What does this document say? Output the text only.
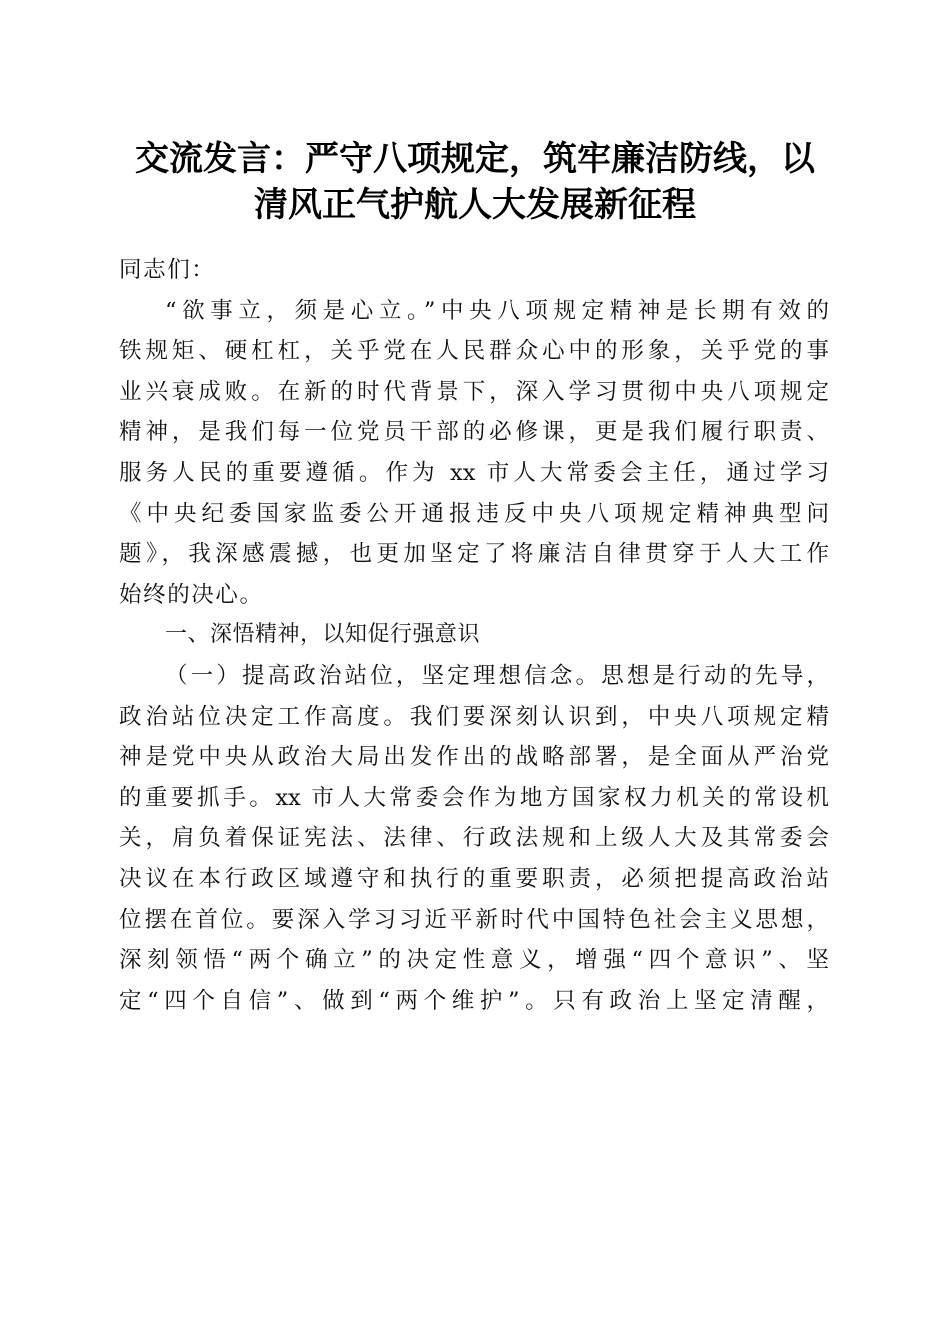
交流发言：严守八项规定，筑牢廉洁防线，以
清风正气护航人大发展新征程
同志们：
“欲事立，须是心立。”中央八项规定精神是长期有效的
铁规矩、硬杠杠，关乎党在人民群众心中的形象，关乎党的事
业兴衰成败。在新的时代背景下，深入学习贯彻中央八项规定
精神，是我们每一位党员干部的必修课，更是我们履行职责、
服务人民的重要遵循。作为 xx 市人大常委会主任，通过学习
《中央纪委国家监委公开通报违反中央八项规定精神典型问
题》，我深感震撼，也更加坚定了将廉洁自律贯穿于人大工作
始终的决心。
一、深悟精神，以知促行强意识
（一）提高政治站位，坚定理想信念。思想是行动的先导，
政治站位决定工作高度。我们要深刻认识到，中央八项规定精
神是党中央从政治大局出发作出的战略部署，是全面从严治党
的重要抓手。xx 市人大常委会作为地方国家权力机关的常设机
关，肩负着保证宪法、法律、行政法规和上级人大及其常委会
决议在本行政区域遵守和执行的重要职责，必须把提高政治站
位摆在首位。要深入学习习近平新时代中国特色社会主义思想，
深刻领悟“两个确立”的决定性意义，增强“四个意识”、坚
定“四个自信”、做到“两个维护”。只有政治上坚定清醒，
